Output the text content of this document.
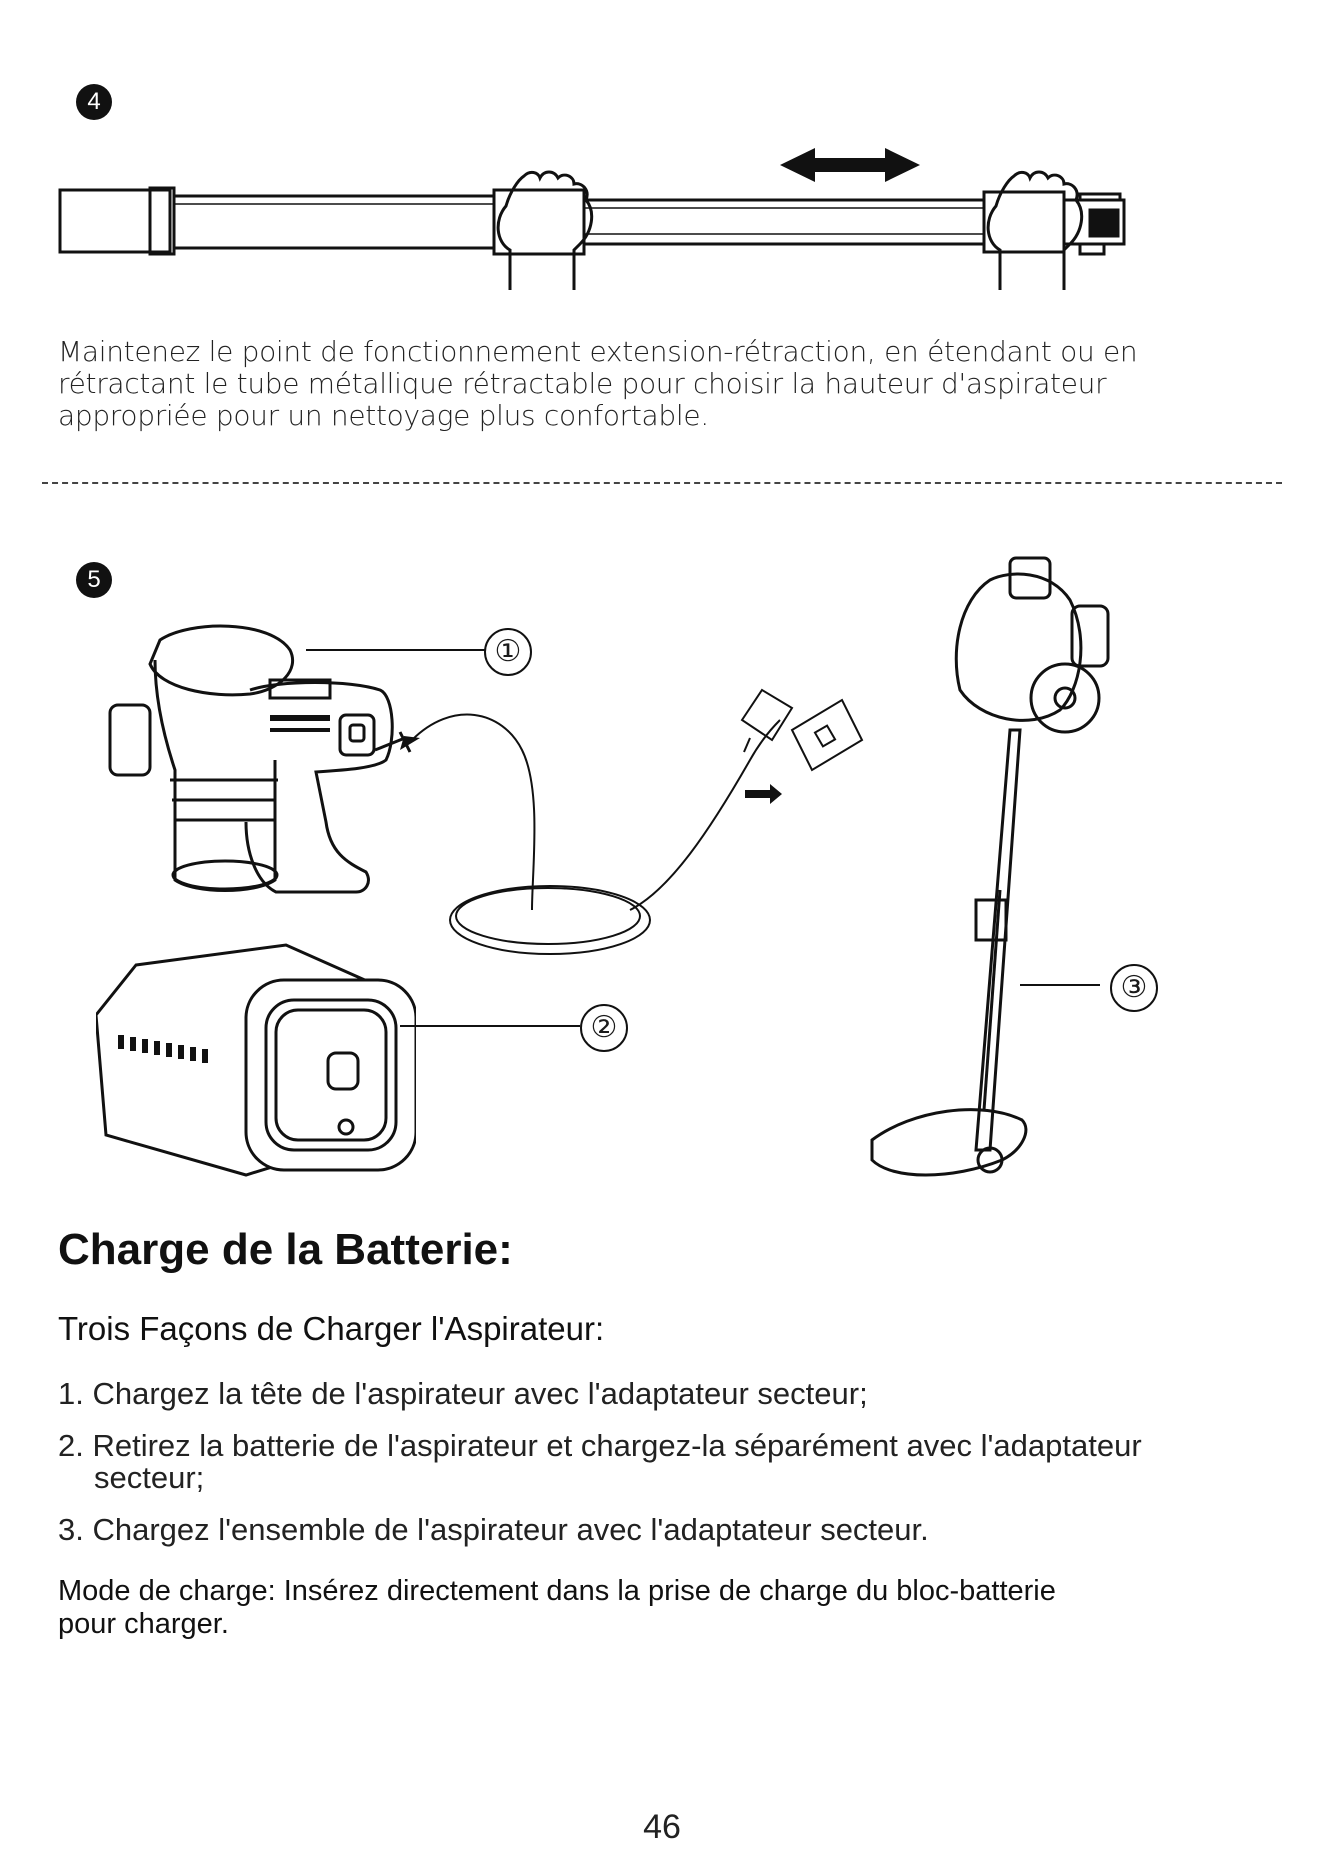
4
Maintenez le point de fonctionnement extension-rétraction, en étendant ou en rétractant le tube métallique rétractable pour choisir la hauteur d'aspirateur appropriée pour un nettoyage plus confortable.
5
①
②
③
Charge de la Batterie:
Trois Façons de Charger l'Aspirateur:
1. Chargez la tête de l'aspirateur avec l'adaptateur secteur;
2. Retirez la batterie de l'aspirateur et chargez-la séparément avec l'adaptateur
secteur;
3. Chargez l'ensemble de l'aspirateur avec l'adaptateur secteur.
Mode de charge: Insérez directement dans la prise de charge du bloc-batterie pour charger.
46
